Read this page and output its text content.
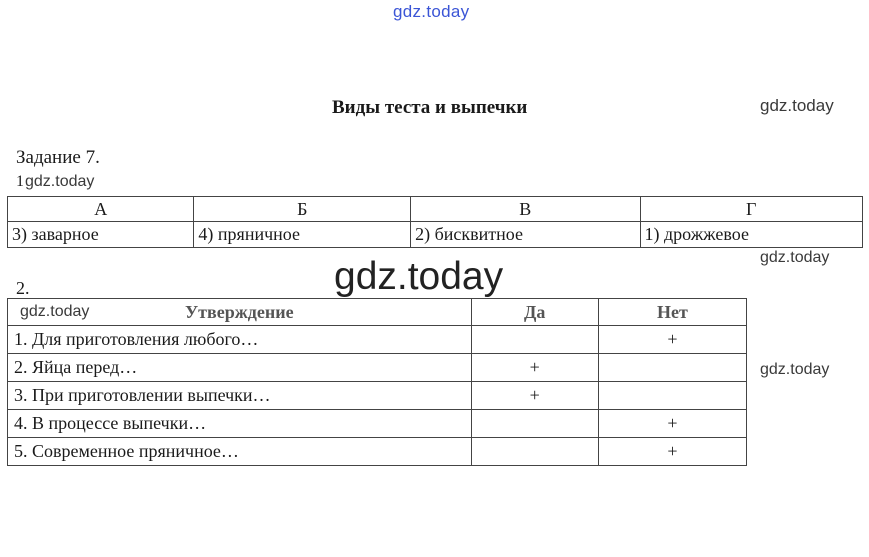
gdz.today
gdz.today
Виды теста и выпечки
Задание 7.
1 gdz.today
А	Б	В	Г
3) заварное	4) пряничное	2) бисквитное	1) дрожжевое
gdz.today
2.
Утверждение	Да	Нет
1. Для приготовления любого…		+
2. Яйца перед…	+	
3. При приготовлении выпечки…	+	
4. В процессе выпечки…		+
5. Современное пряничное…		+
gdz.today
gdz.today
gdz.today
